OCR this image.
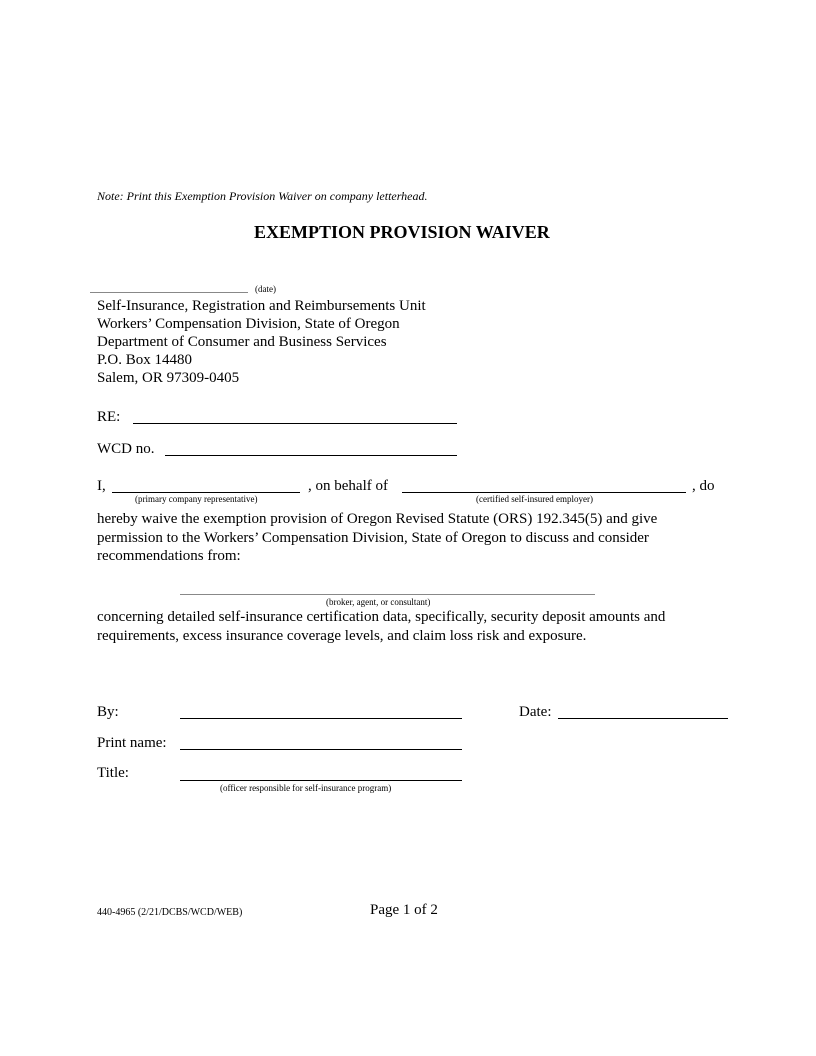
Note: Print this Exemption Provision Waiver on company letterhead.
EXEMPTION PROVISION WAIVER
(date)
Self-Insurance, Registration and Reimbursements Unit
Workers’ Compensation Division, State of Oregon
Department of Consumer and Business Services
P.O. Box 14480
Salem, OR 97309-0405
RE:
WCD no.
I,	, on behalf of	, do
(primary company representative)	(certified self-insured employer)
hereby waive the exemption provision of Oregon Revised Statute (ORS) 192.345(5) and give
permission to the Workers’ Compensation Division, State of Oregon to discuss and consider
recommendations from:
(broker, agent, or consultant)
concerning detailed self-insurance certification data, specifically, security deposit amounts and
requirements, excess insurance coverage levels, and claim loss risk and exposure.
By:	Date:
Print name:
Title:
(officer responsible for self-insurance program)
440-4965 (2/21/DCBS/WCD/WEB)	Page 1 of 2
